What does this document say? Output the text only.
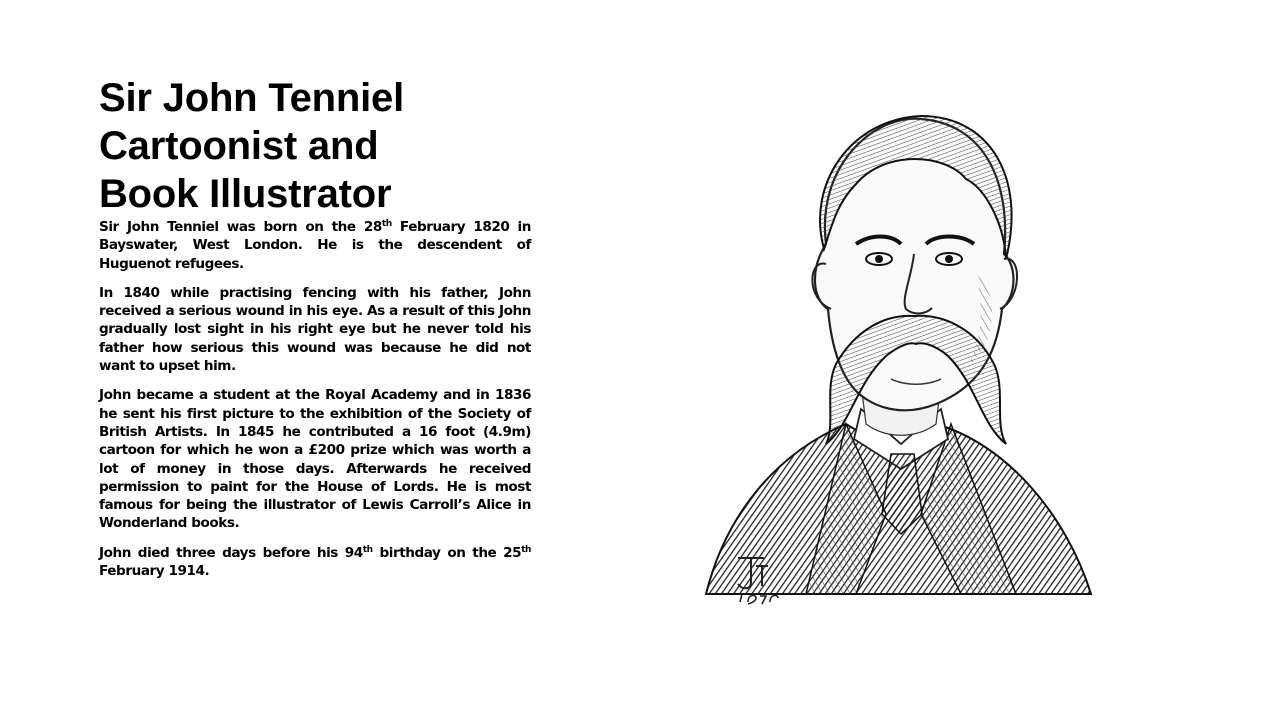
Sir John Tenniel
Cartoonist and
Book Illustrator

Sir John Tenniel was born on the 28th February 1820 in Bayswater, West London. He is the descendent of Huguenot refugees.

In 1840 while practising fencing with his father, John received a serious wound in his eye. As a result of this John gradually lost sight in his right eye but he never told his father how serious this wound was because he did not want to upset him.

John became a student at the Royal Academy and in 1836 he sent his first picture to the exhibition of the Society of British Artists. In 1845 he contributed a 16 foot (4.9m) cartoon for which he won a £200 prize which was worth a lot of money in those days. Afterwards he received permission to paint for the House of Lords. He is most famous for being the illustrator of Lewis Carroll’s Alice in Wonderland books.

John died three days before his 94th birthday on the 25th February 1914.
